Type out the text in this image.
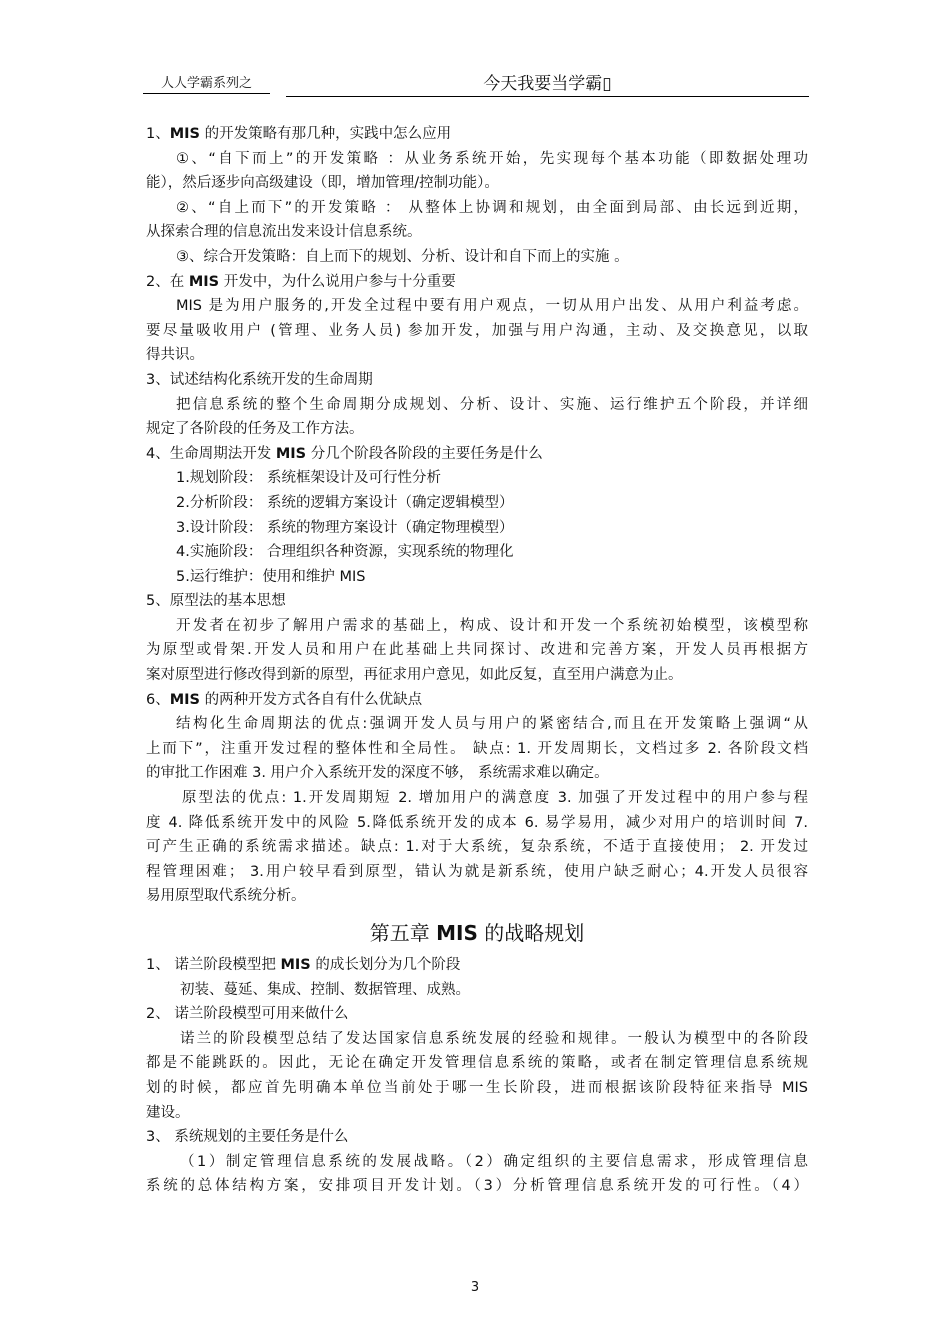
人人学霸系列之	今天我要当学霸▯
1、MIS 的开发策略有那几种，实践中怎么应用
①、“自下而上”的开发策略 ：从业务系统开始，先实现每个基本功能（即数据处理功
能），然后逐步向高级建设（即，增加管理/控制功能）。
②、“自上而下”的开发策略 ： 从整体上协调和规划，由全面到局部、由长远到近期，
从探索合理的信息流出发来设计信息系统。
③、综合开发策略：自上而下的规划、分析、设计和自下而上的实施 。
2、在 MIS 开发中，为什么说用户参与十分重要
MIS 是为用户服务的,开发全过程中要有用户观点，一切从用户出发、从用户利益考虑。
要尽量吸收用户 (管理、业务人员) 参加开发，加强与用户沟通，主动、及交换意见，以取
得共识。
3、试述结构化系统开发的生命周期
把信息系统的整个生命周期分成规划、分析、设计、实施、运行维护五个阶段，并详细
规定了各阶段的任务及工作方法。
4、生命周期法开发 MIS 分几个阶段各阶段的主要任务是什么
1.规划阶段： 系统框架设计及可行性分析
2.分析阶段： 系统的逻辑方案设计（确定逻辑模型）
3.设计阶段： 系统的物理方案设计（确定物理模型）
4.实施阶段： 合理组织各种资源，实现系统的物理化
5.运行维护：使用和维护 MIS
5、原型法的基本思想
开发者在初步了解用户需求的基础上，构成、设计和开发一个系统初始模型，该模型称
为原型或骨架.开发人员和用户在此基础上共同探讨、改进和完善方案，开发人员再根据方
案对原型进行修改得到新的原型，再征求用户意见，如此反复，直至用户满意为止。
6、MIS 的两种开发方式各自有什么优缺点
结构化生命周期法的优点:强调开发人员与用户的紧密结合,而且在开发策略上强调“从
上而下”，注重开发过程的整体性和全局性。 缺点: 1. 开发周期长，文档过多 2. 各阶段文档
的审批工作困难 3. 用户介入系统开发的深度不够， 系统需求难以确定。
原型法的优点: 1.开发周期短 2. 增加用户的满意度 3. 加强了开发过程中的用户参与程
度 4. 降低系统开发中的风险 5.降低系统开发的成本 6. 易学易用，减少对用户的培训时间 7.
可产生正确的系统需求描述。缺点: 1.对于大系统，复杂系统，不适于直接使用； 2. 开发过
程管理困难； 3.用户较早看到原型，错认为就是新系统，使用户缺乏耐心；4.开发人员很容
易用原型取代系统分析。
第五章 MIS 的战略规划
1、 诺兰阶段模型把 MIS 的成长划分为几个阶段
初装、蔓延、集成、控制、数据管理、成熟。
2、 诺兰阶段模型可用来做什么
诺兰的阶段模型总结了发达国家信息系统发展的经验和规律。一般认为模型中的各阶段
都是不能跳跃的。因此，无论在确定开发管理信息系统的策略，或者在制定管理信息系统规
划的时候，都应首先明确本单位当前处于哪一生长阶段，进而根据该阶段特征来指导 MIS
建设。
3、 系统规划的主要任务是什么
（1）制定管理信息系统的发展战略。（2）确定组织的主要信息需求，形成管理信息
系统的总体结构方案，安排项目开发计划。（3）分析管理信息系统开发的可行性。（4）
3
